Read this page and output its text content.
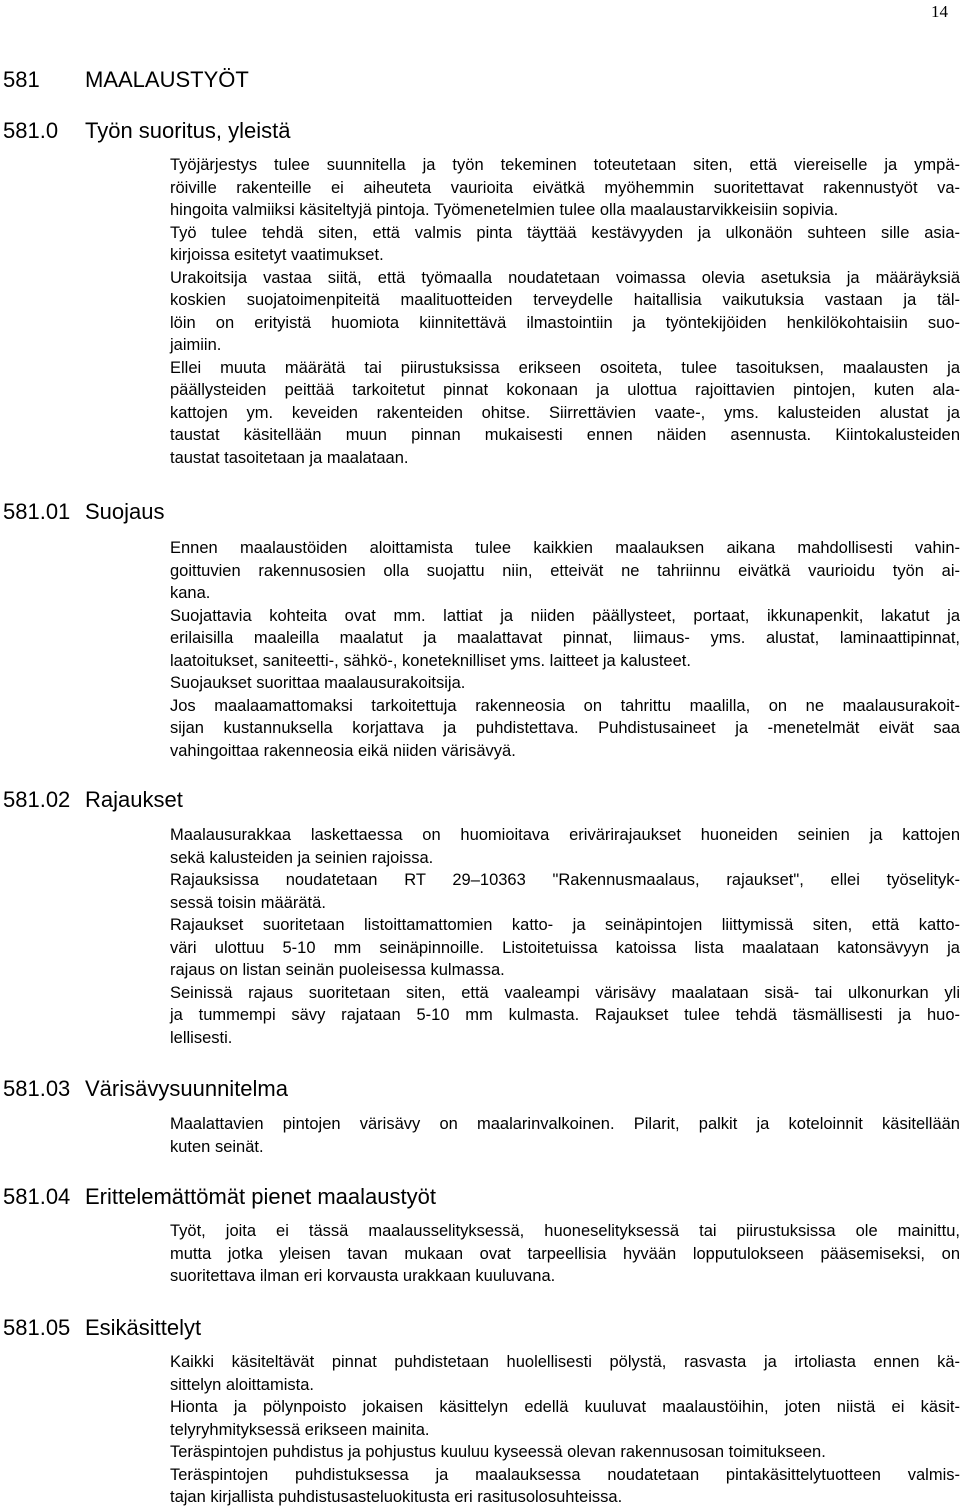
14
581 MAALAUSTYÖT
581.0 Työn suoritus, yleistä
Työjärjestys tulee suunnitella ja työn tekeminen toteutetaan siten, että viereiselle ja ympä-
röiville rakenteille ei aiheuteta vaurioita eivätkä myöhemmin suoritettavat rakennustyöt va-
hingoita valmiiksi käsiteltyjä pintoja. Työmenetelmien tulee olla maalaustarvikkeisiin sopivia.
Työ tulee tehdä siten, että valmis pinta täyttää kestävyyden ja ulkonäön suhteen sille asia-
kirjoissa esitetyt vaatimukset.
Urakoitsija vastaa siitä, että työmaalla noudatetaan voimassa olevia asetuksia ja määräyksiä
koskien suojatoimenpiteitä maalituotteiden terveydelle haitallisia vaikutuksia vastaan ja täl-
löin on erityistä huomiota kiinnitettävä ilmastointiin ja työntekijöiden henkilökohtaisiin suo-
jaimiin.
Ellei muuta määrätä tai piirustuksissa erikseen osoiteta, tulee tasoituksen, maalausten ja
päällysteiden peittää tarkoitetut pinnat kokonaan ja ulottua rajoittavien pintojen, kuten ala-
kattojen ym. keveiden rakenteiden ohitse. Siirrettävien vaate-, yms. kalusteiden alustat ja
taustat käsitellään muun pinnan mukaisesti ennen näiden asennusta. Kiintokalusteiden
taustat tasoitetaan ja maalataan.
581.01 Suojaus
Ennen maalaustöiden aloittamista tulee kaikkien maalauksen aikana mahdollisesti vahin-
goittuvien rakennusosien olla suojattu niin, etteivät ne tahriinnu eivätkä vaurioidu työn ai-
kana.
Suojattavia kohteita ovat mm. lattiat ja niiden päällysteet, portaat, ikkunapenkit, lakatut ja
erilaisilla maaleilla maalatut ja maalattavat pinnat, liimaus- yms. alustat, laminaattipinnat,
laatoitukset, saniteetti-, sähkö-, koneteknilliset yms. laitteet ja kalusteet.
Suojaukset suorittaa maalausurakoitsija.
Jos maalaamattomaksi tarkoitettuja rakenneosia on tahrittu maalilla, on ne maalausurakoit-
sijan kustannuksella korjattava ja puhdistettava. Puhdistusaineet ja -menetelmät eivät saa
vahingoittaa rakenneosia eikä niiden värisävyä.
581.02 Rajaukset
Maalausurakkaa laskettaessa on huomioitava erivärirajaukset huoneiden seinien ja kattojen
sekä kalusteiden ja seinien rajoissa.
Rajauksissa noudatetaan RT 29–10363 "Rakennusmaalaus, rajaukset", ellei työselityk-
sessä toisin määrätä.
Rajaukset suoritetaan listoittamattomien katto- ja seinäpintojen liittymissä siten, että katto-
väri ulottuu 5-10 mm seinäpinnoille. Listoitetuissa katoissa lista maalataan katonsävyyn ja
rajaus on listan seinän puoleisessa kulmassa.
Seinissä rajaus suoritetaan siten, että vaaleampi värisävy maalataan sisä- tai ulkonurkan yli
ja tummempi sävy rajataan 5-10 mm kulmasta. Rajaukset tulee tehdä täsmällisesti ja huo-
lellisesti.
581.03 Värisävysuunnitelma
Maalattavien pintojen värisävy on maalarinvalkoinen. Pilarit, palkit ja koteloinnit käsitellään
kuten seinät.
581.04 Erittelemättömät pienet maalaustyöt
Työt, joita ei tässä maalausselityksessä, huoneselityksessä tai piirustuksissa ole mainittu,
mutta jotka yleisen tavan mukaan ovat tarpeellisia hyvään lopputulokseen pääsemiseksi, on
suoritettava ilman eri korvausta urakkaan kuuluvana.
581.05 Esikäsittelyt
Kaikki käsiteltävät pinnat puhdistetaan huolellisesti pölystä, rasvasta ja irtoliasta ennen kä-
sittelyn aloittamista.
Hionta ja pölynpoisto jokaisen käsittelyn edellä kuuluvat maalaustöihin, joten niistä ei käsit-
telyryhmityksessä erikseen mainita.
Teräspintojen puhdistus ja pohjustus kuuluu kyseessä olevan rakennusosan toimitukseen.
Teräspintojen puhdistuksessa ja maalauksessa noudatetaan pintakäsittelytuotteen valmis-
tajan kirjallista puhdistusasteluokitusta eri rasitusolosuhteissa.
